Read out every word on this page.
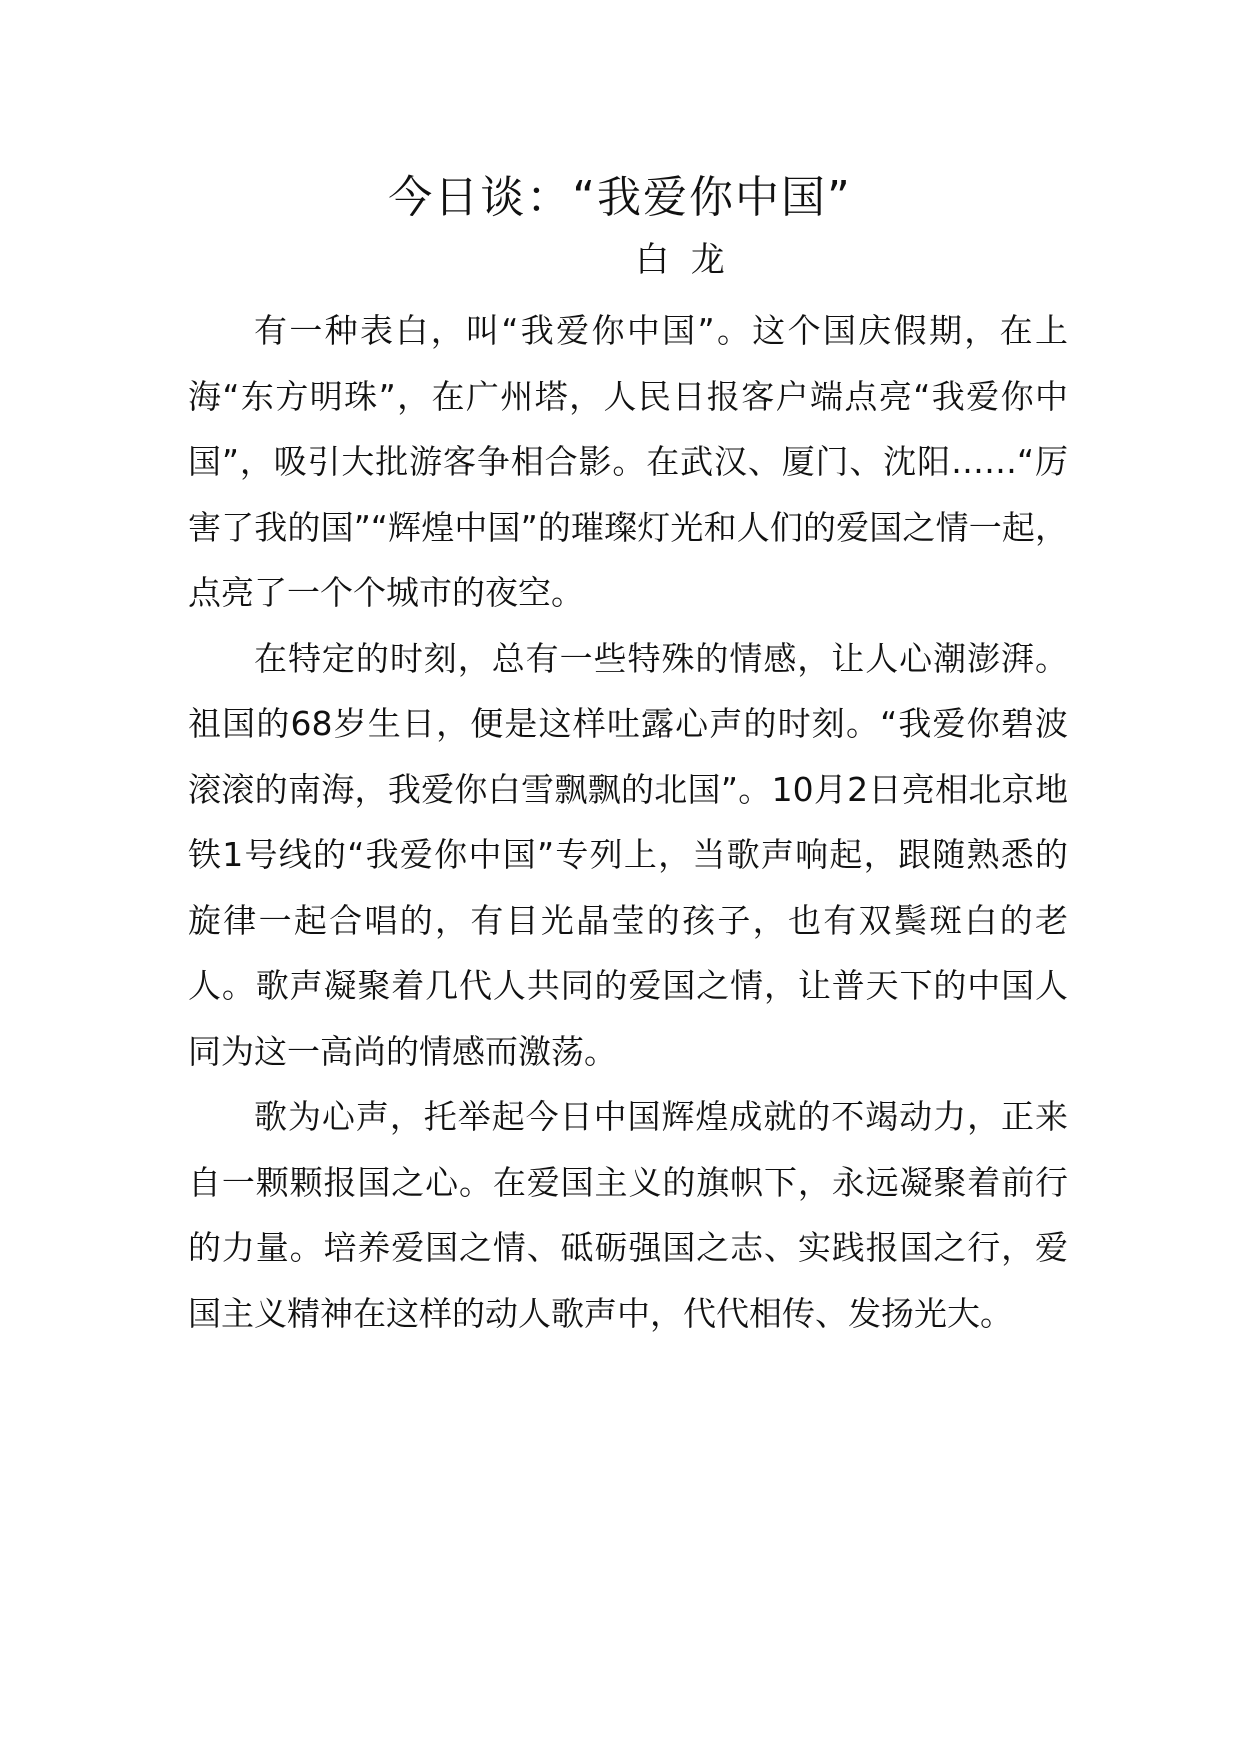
今日谈：“我爱你中国”
白  龙

有一种表白，叫“我爱你中国”。这个国庆假期，在上海“东方明珠”，在广州塔，人民日报客户端点亮“我爱你中国”，吸引大批游客争相合影。在武汉、厦门、沈阳……“厉害了我的国”“辉煌中国”的璀璨灯光和人们的爱国之情一起，点亮了一个个城市的夜空。

在特定的时刻，总有一些特殊的情感，让人心潮澎湃。祖国的68岁生日，便是这样吐露心声的时刻。“我爱你碧波滚滚的南海，我爱你白雪飘飘的北国”。10月2日亮相北京地铁1号线的“我爱你中国”专列上，当歌声响起，跟随熟悉的旋律一起合唱的，有目光晶莹的孩子，也有双鬓斑白的老人。歌声凝聚着几代人共同的爱国之情，让普天下的中国人同为这一高尚的情感而激荡。

歌为心声，托举起今日中国辉煌成就的不竭动力，正来自一颗颗报国之心。在爱国主义的旗帜下，永远凝聚着前行的力量。培养爱国之情、砥砺强国之志、实践报国之行，爱国主义精神在这样的动人歌声中，代代相传、发扬光大。
